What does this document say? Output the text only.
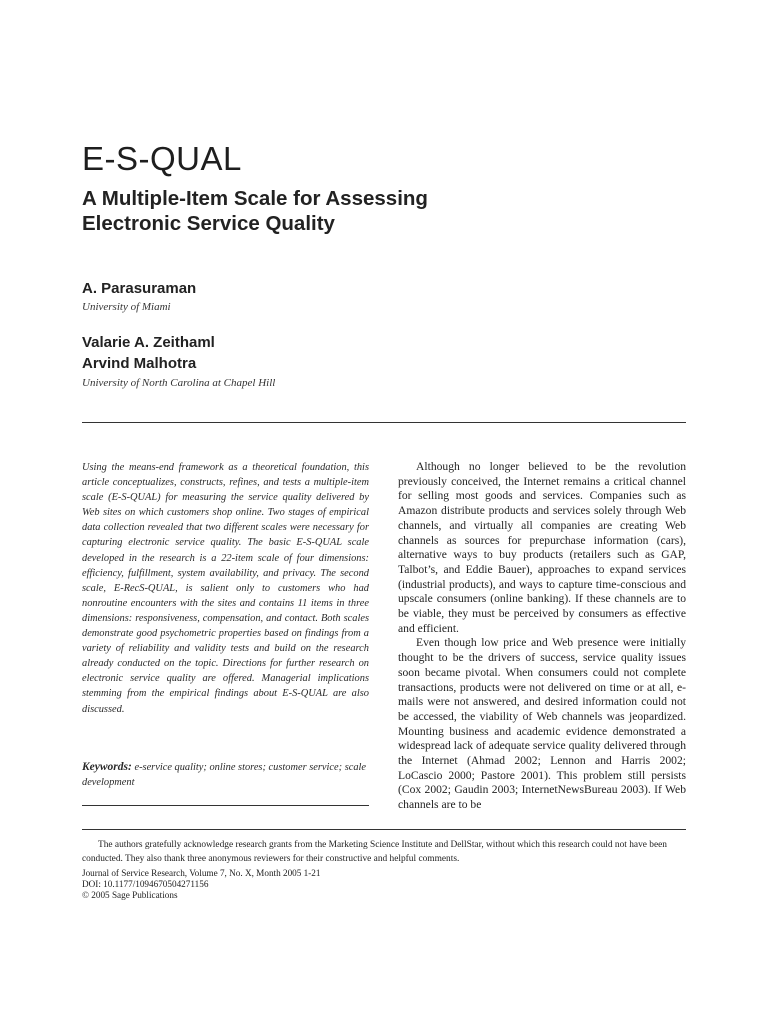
E-S-QUAL
A Multiple-Item Scale for Assessing
Electronic Service Quality
A. Parasuraman
University of Miami
Valarie A. Zeithaml
Arvind Malhotra
University of North Carolina at Chapel Hill

Using the means-end framework as a theoretical foundation, this article conceptualizes, constructs, refines, and tests a multiple-item scale (E-S-QUAL) for measuring the service quality delivered by Web sites on which customers shop online. Two stages of empirical data collection revealed that two different scales were necessary for capturing electronic service quality. The basic E-S-QUAL scale developed in the research is a 22-item scale of four dimensions: efficiency, fulfillment, system availability, and privacy. The second scale, E-RecS-QUAL, is salient only to customers who had nonroutine encounters with the sites and contains 11 items in three dimensions: responsiveness, compensation, and contact. Both scales demonstrate good psychometric properties based on findings from a variety of reliability and validity tests and build on the research already conducted on the topic. Directions for further research on electronic service quality are offered. Managerial implications stemming from the empirical findings about E-S-QUAL are also discussed.

Keywords: e-service quality; online stores; customer service; scale development

Although no longer believed to be the revolution previously conceived, the Internet remains a critical channel for selling most goods and services. Companies such as Amazon distribute products and services solely through Web channels, and virtually all companies are creating Web channels as sources for prepurchase information (cars), alternative ways to buy products (retailers such as GAP, Talbot’s, and Eddie Bauer), approaches to expand services (industrial products), and ways to capture time-conscious and upscale consumers (online banking). If these channels are to be viable, they must be perceived by consumers as effective and efficient.

Even though low price and Web presence were initially thought to be the drivers of success, service quality issues soon became pivotal. When consumers could not complete transactions, products were not delivered on time or at all, e-mails were not answered, and desired information could not be accessed, the viability of Web channels was jeopardized. Mounting business and academic evidence demonstrated a widespread lack of adequate service quality delivered through the Internet (Ahmad 2002; Lennon and Harris 2002; LoCascio 2000; Pastore 2001). This problem still persists (Cox 2002; Gaudin 2003; InternetNewsBureau 2003). If Web channels are to be

The authors gratefully acknowledge research grants from the Marketing Science Institute and DellStar, without which this research could not have been conducted. They also thank three anonymous reviewers for their constructive and helpful comments.

Journal of Service Research, Volume 7, No. X, Month 2005 1-21
DOI: 10.1177/1094670504271156
© 2005 Sage Publications
